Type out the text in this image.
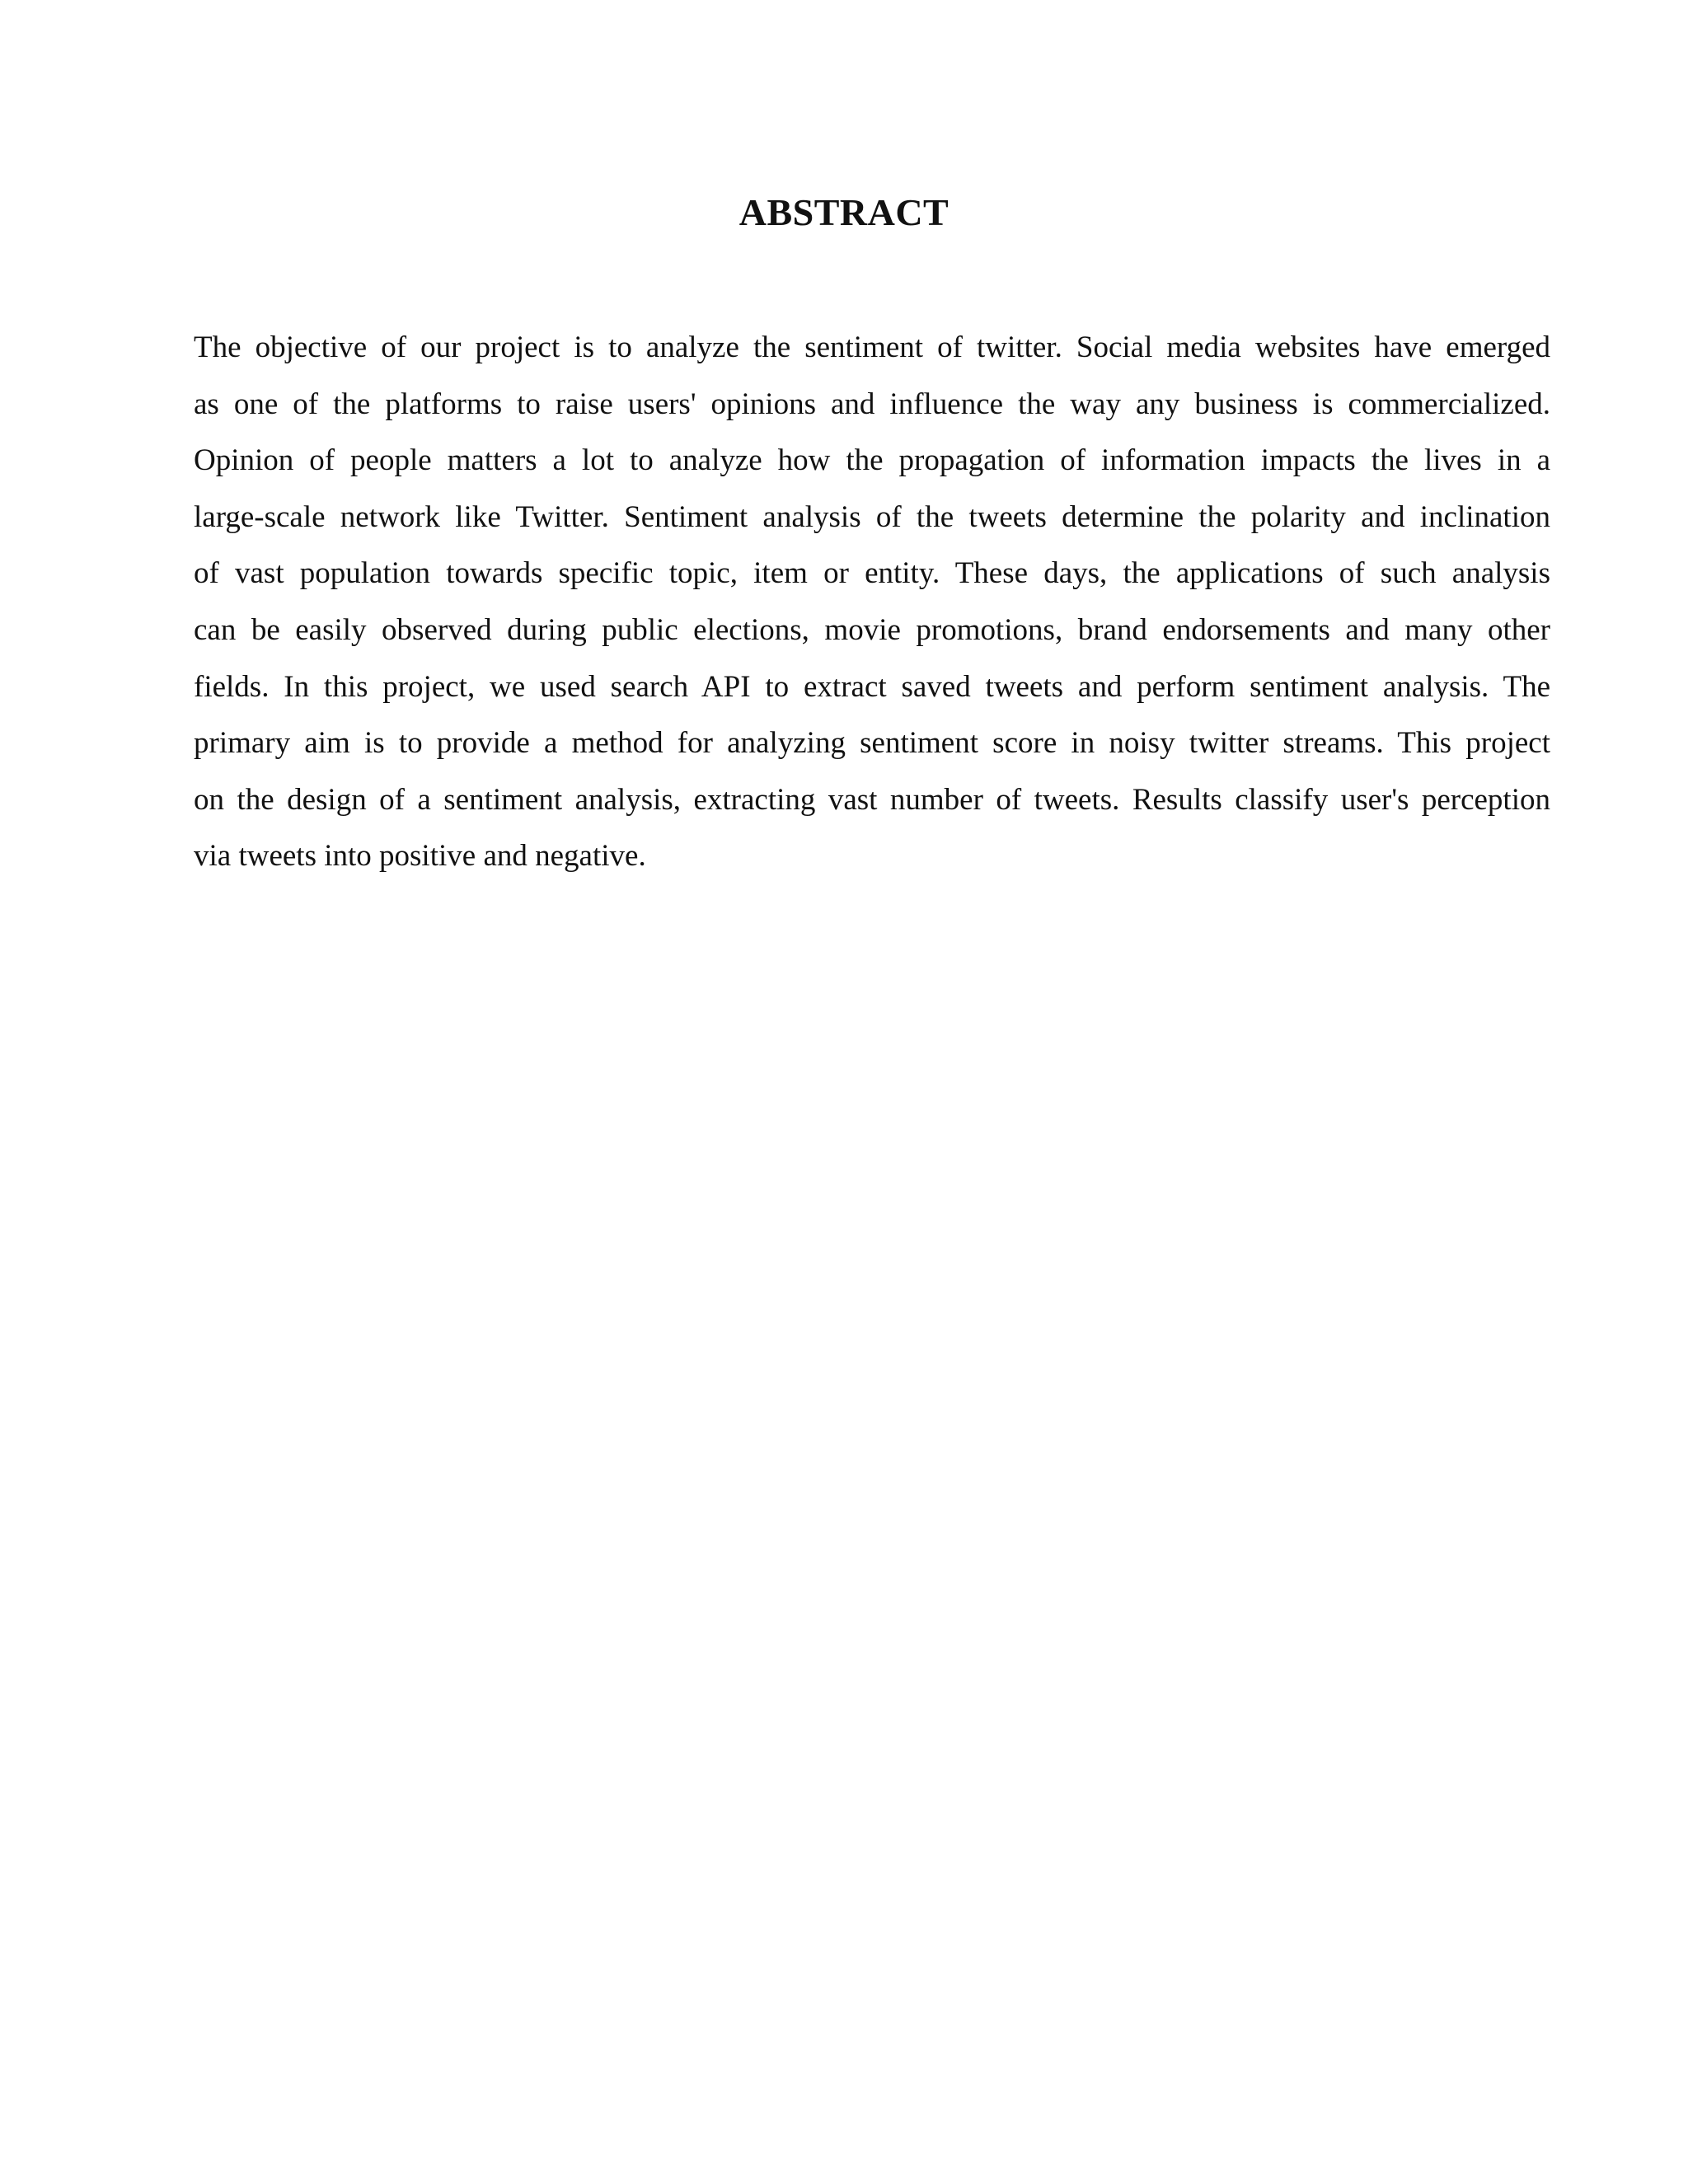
ABSTRACT
The objective of our project is to analyze the sentiment of twitter. Social media websites have emerged
as one of the platforms to raise users' opinions and influence the way any business is commercialized.
Opinion of people matters a lot to analyze how the propagation of information impacts the lives in a
large-scale network like Twitter. Sentiment analysis of the tweets determine the polarity and inclination
of vast population towards specific topic, item or entity. These days, the applications of such analysis
can be easily observed during public elections, movie promotions, brand endorsements and many other
fields. In this project, we used search API to extract saved tweets and perform sentiment analysis. The
primary aim is to provide a method for analyzing sentiment score in noisy twitter streams. This project
on the design of a sentiment analysis, extracting vast number of tweets. Results classify user's perception
via tweets into positive and negative.
